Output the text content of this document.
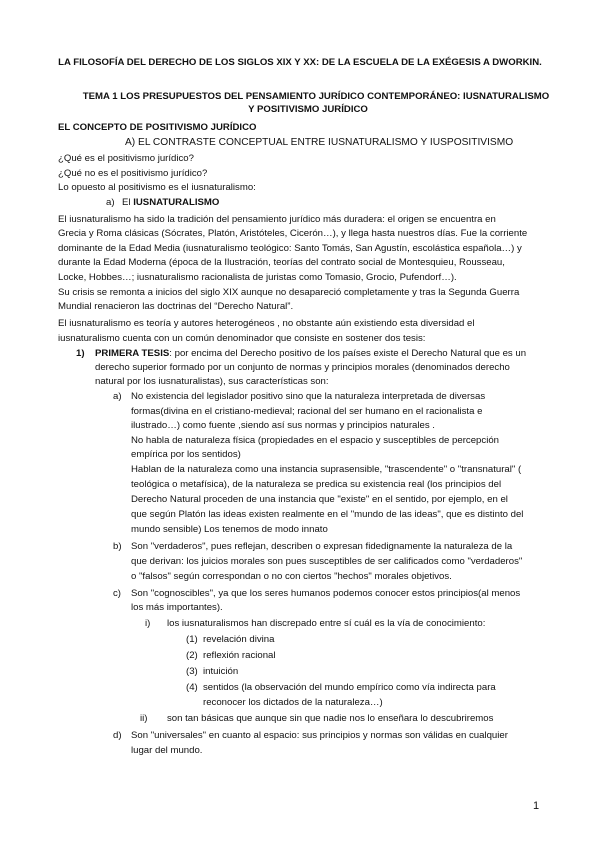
LA FILOSOFÍA DEL DERECHO DE LOS SIGLOS XIX Y XX: DE LA ESCUELA DE LA EXÉGESIS A DWORKIN.
TEMA 1 LOS PRESUPUESTOS DEL PENSAMIENTO JURÍDICO CONTEMPORÁNEO: IUSNATURALISMO
Y POSITIVISMO JURÍDICO
EL CONCEPTO DE POSITIVISMO JURÍDICO
A) EL CONTRASTE CONCEPTUAL ENTRE IUSNATURALISMO Y IUSPOSITIVISMO
¿Qué es el positivismo jurídico?
¿Qué no es el positivismo jurídico?
Lo opuesto al positivismo es el iusnaturalismo:
a) El IUSNATURALISMO
El iusnaturalismo ha sido la tradición del pensamiento jurídico más duradera: el origen se encuentra en
Grecia y Roma clásicas (Sócrates, Platón, Aristóteles, Cicerón…), y llega hasta nuestros días. Fue la corriente
dominante de la Edad Media (iusnaturalismo teológico: Santo Tomás, San Agustín, escolástica española…) y
durante la Edad Moderna (época de la Ilustración, teorías del contrato social de Montesquieu, Rousseau,
Locke, Hobbes…; iusnaturalismo racionalista de juristas como Tomasio, Grocio, Pufendorf…).
Su crisis se remonta a inicios del siglo XIX aunque no desapareció completamente y tras la Segunda Guerra
Mundial renacieron las doctrinas del “Derecho Natural”.
El iusnaturalismo es teoría y autores heterogéneos , no obstante aún existiendo esta diversidad el
iusnaturalismo cuenta con un común denominador que consiste en sostener dos tesis:
1) PRIMERA TESIS: por encima del Derecho positivo de los países existe el Derecho Natural que es un
derecho superior formado por un conjunto de normas y principios morales (denominados derecho
natural por los iusnaturalistas), sus características son:
a) No existencia del legislador positivo sino que la naturaleza interpretada de diversas
formas(divina en el cristiano-medieval; racional del ser humano en el racionalista e
ilustrado…) como fuente ,siendo así sus normas y principios naturales .
No habla de naturaleza física (propiedades en el espacio y susceptibles de percepción
empírica por los sentidos)
Hablan de la naturaleza como una instancia suprasensible, "trascendente" o "transnatural" (
teológica o metafísica), de la naturaleza se predica su existencia real (los principios del
Derecho Natural proceden de una instancia que "existe" en el sentido, por ejemplo, en el
que según Platón las ideas existen realmente en el "mundo de las ideas", que es distinto del
mundo sensible) Los tenemos de modo innato
b) Son "verdaderos", pues reflejan, describen o expresan fidedignamente la naturaleza de la
que derivan: los juicios morales son pues susceptibles de ser calificados como "verdaderos"
o "falsos" según correspondan o no con ciertos "hechos" morales objetivos.
c) Son "cognoscibles", ya que los seres humanos podemos conocer estos principios(al menos
los más importantes).
i) los iusnaturalismos han discrepado entre sí cuál es la vía de conocimiento:
(1) revelación divina
(2) reflexión racional
(3) intuición
(4) sentidos (la observación del mundo empírico como vía indirecta para
reconocer los dictados de la naturaleza…)
ii) son tan básicas que aunque sin que nadie nos lo enseñara lo descubriremos
d) Son "universales" en cuanto al espacio: sus principios y normas son válidas en cualquier
lugar del mundo.
1
